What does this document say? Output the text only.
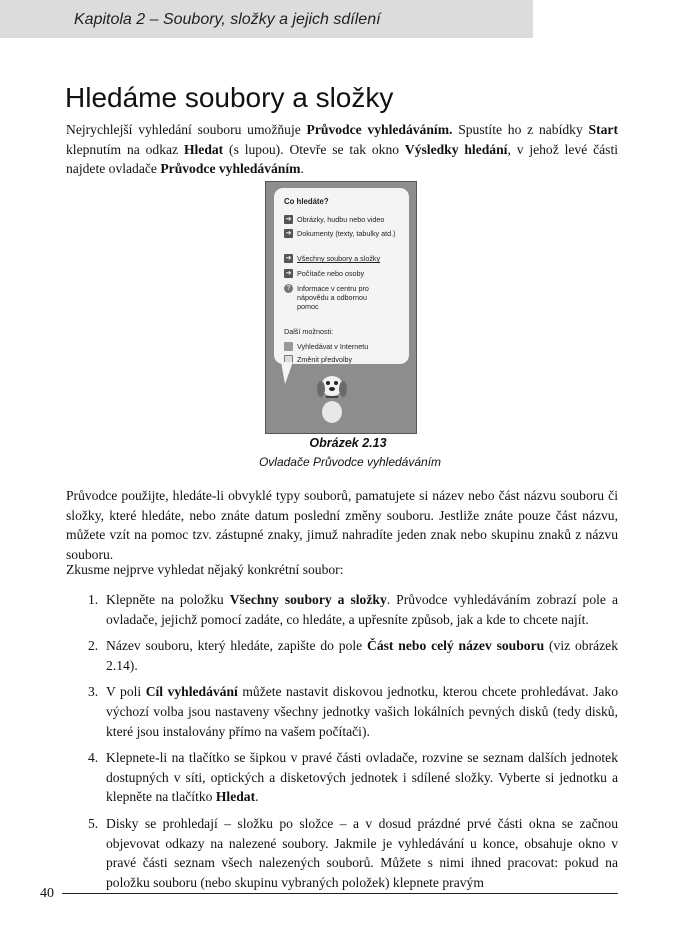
Kapitola 2 – Soubory, složky a jejich sdílení
Hledáme soubory a složky

Nejrychlejší vyhledání souboru umožňuje Průvodce vyhledáváním. Spustíte ho z nabídky Start klepnutím na odkaz Hledat (s lupou). Otevře se tak okno Výsledky hledání, v jehož levé části najdete ovladače Průvodce vyhledáváním.

Co hledáte?
➔ Obrázky, hudbu nebo video
➔ Dokumenty (texty, tabulky atd.)
➔ Všechny soubory a složky
➔ Počítače nebo osoby
? Informace v centru pro nápovědu a odbornou pomoc
Další možnosti:
Vyhledávat v Internetu
Změnit předvolby
Obrázek 2.13
Ovladače Průvodce vyhledáváním

Průvodce použijte, hledáte-li obvyklé typy souborů, pamatujete si název nebo část názvu souboru či složky, které hledáte, nebo znáte datum poslední změny souboru. Jestliže znáte pouze část názvu, můžete vzít na pomoc tzv. zástupné znaky, jimuž nahradíte jeden znak nebo skupinu znaků z názvu souboru.

Zkusme nejprve vyhledat nějaký konkrétní soubor:

1. Klepněte na položku Všechny soubory a složky. Průvodce vyhledáváním zobrazí pole a ovladače, jejichž pomocí zadáte, co hledáte, a upřesníte způsob, jak a kde to chcete najít.
2. Název souboru, který hledáte, zapište do pole Část nebo celý název souboru (viz obrázek 2.14).
3. V poli Cíl vyhledávání můžete nastavit diskovou jednotku, kterou chcete prohledávat. Jako výchozí volba jsou nastaveny všechny jednotky vašich lokálních pevných disků (tedy disků, které jsou instalovány přímo na vašem počítači).
4. Klepnete-li na tlačítko se šipkou v pravé části ovladače, rozvine se seznam dalších jednotek dostupných v síti, optických a disketových jednotek i sdílené složky. Vyberte si jednotku a klepněte na tlačítko Hledat.
5. Disky se prohledají – složku po složce – a v dosud prázdné prvé části okna se začnou objevovat odkazy na nalezené soubory. Jakmile je vyhledávání u konce, obsahuje okno v pravé části seznam všech nalezených souborů. Můžete s nimi ihned pracovat: pokud na položku souboru (nebo skupinu vybraných položek) klepnete pravým
40
